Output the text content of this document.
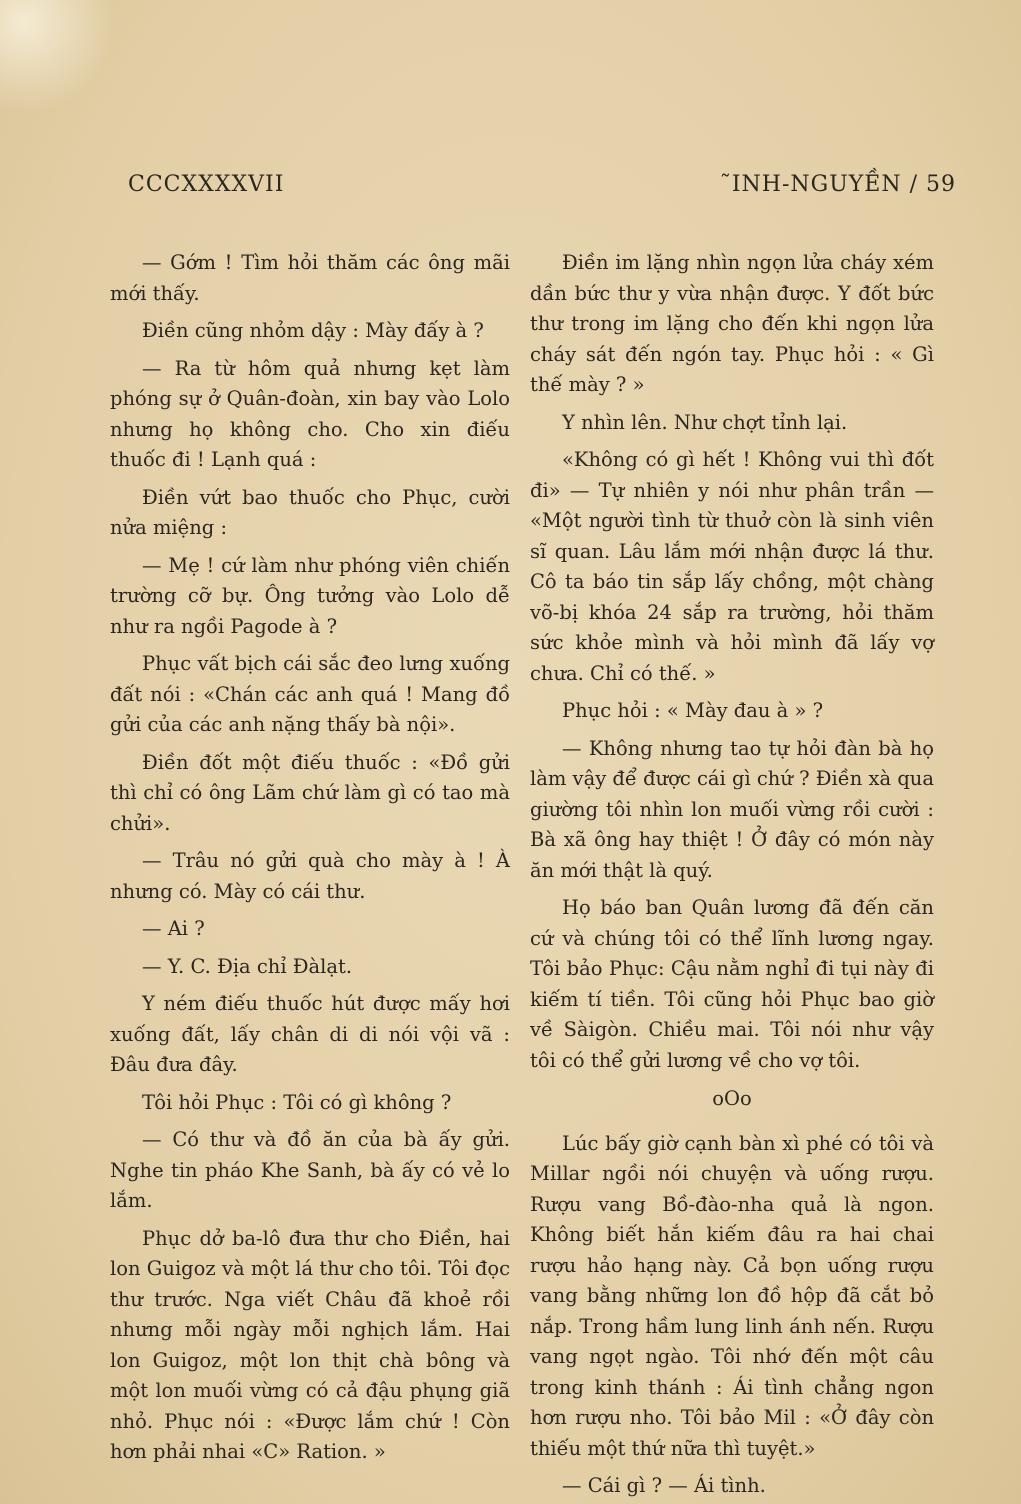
CCCXXXXVII	˜INH-NGUYỀN / 59

— Gớm ! Tìm hỏi thăm các ông mãi mới thấy.

Điền cũng nhỏm dậy : Mày đấy à ?

— Ra từ hôm quả nhưng kẹt làm phóng sự ở Quân-đoàn, xin bay vào Lolo nhưng họ không cho. Cho xin điếu thuốc đi ! Lạnh quá :

Điền vứt bao thuốc cho Phục, cười nửa miệng :

— Mẹ ! cứ làm như phóng viên chiến trường cỡ bự. Ông tưởng vào Lolo dễ như ra ngồi Pagode à ?

Phục vất bịch cái sắc đeo lưng xuống đất nói : «Chán các anh quá ! Mang đồ gửi của các anh nặng thấy bà nội».

Điền đốt một điếu thuốc : «Đồ gửi thì chỉ có ông Lãm chứ làm gì có tao mà chửi».

— Trâu nó gửi quà cho mày à ! À nhưng có. Mày có cái thư.

— Ai ?

— Y. C. Địa chỉ Đàlạt.

Y ném điếu thuốc hút được mấy hơi xuống đất, lấy chân di di nói vội vã : Đâu đưa đây.

Tôi hỏi Phục : Tôi có gì không ?

— Có thư và đồ ăn của bà ấy gửi. Nghe tin pháo Khe Sanh, bà ấy có vẻ lo lắm.

Phục dở ba-lô đưa thư cho Điền, hai lon Guigoz và một lá thư cho tôi. Tôi đọc thư trước. Nga viết Châu đã khoẻ rồi nhưng mỗi ngày mỗi nghịch lắm. Hai lon Guigoz, một lon thịt chà bông và một lon muối vừng có cả đậu phụng giã nhỏ. Phục nói : «Được lắm chứ ! Còn hơn phải nhai «C» Ration. »

Điền im lặng nhìn ngọn lửa cháy xém dần bức thư y vừa nhận được. Y đốt bức thư trong im lặng cho đến khi ngọn lửa cháy sát đến ngón tay. Phục hỏi : « Gì thế mày ? »

Y nhìn lên. Như chợt tỉnh lại.

«Không có gì hết ! Không vui thì đốt đi» — Tự nhiên y nói như phân trần — «Một người tình từ thuở còn là sinh viên sĩ quan. Lâu lắm mới nhận được lá thư. Cô ta báo tin sắp lấy chồng, một chàng võ-bị khóa 24 sắp ra trường, hỏi thăm sức khỏe mình và hỏi mình đã lấy vợ chưa. Chỉ có thế. »

Phục hỏi : « Mày đau à » ?

— Không nhưng tao tự hỏi đàn bà họ làm vậy để được cái gì chứ ? Điền xà qua giường tôi nhìn lon muối vừng rồi cười : Bà xã ông hay thiệt ! Ở đây có món này ăn mới thật là quý.

Họ báo ban Quân lương đã đến căn cứ và chúng tôi có thể lĩnh lương ngay. Tôi bảo Phục: Cậu nằm nghỉ đi tụi này đi kiếm tí tiền. Tôi cũng hỏi Phục bao giờ về Sàigòn. Chiều mai. Tôi nói như vậy tôi có thể gửi lương về cho vợ tôi.

oOo

Lúc bấy giờ cạnh bàn xì phé có tôi và Millar ngồi nói chuyện và uống rượu. Rượu vang Bồ-đào-nha quả là ngon. Không biết hắn kiếm đâu ra hai chai rượu hảo hạng này. Cả bọn uống rượu vang bằng những lon đồ hộp đã cắt bỏ nắp. Trong hầm lung linh ánh nến. Rượu vang ngọt ngào. Tôi nhớ đến một câu trong kinh thánh : Ái tình chẳng ngon hơn rượu nho. Tôi bảo Mil : «Ở đây còn thiếu một thứ nữa thì tuyệt.»

— Cái gì ? — Ái tình.
